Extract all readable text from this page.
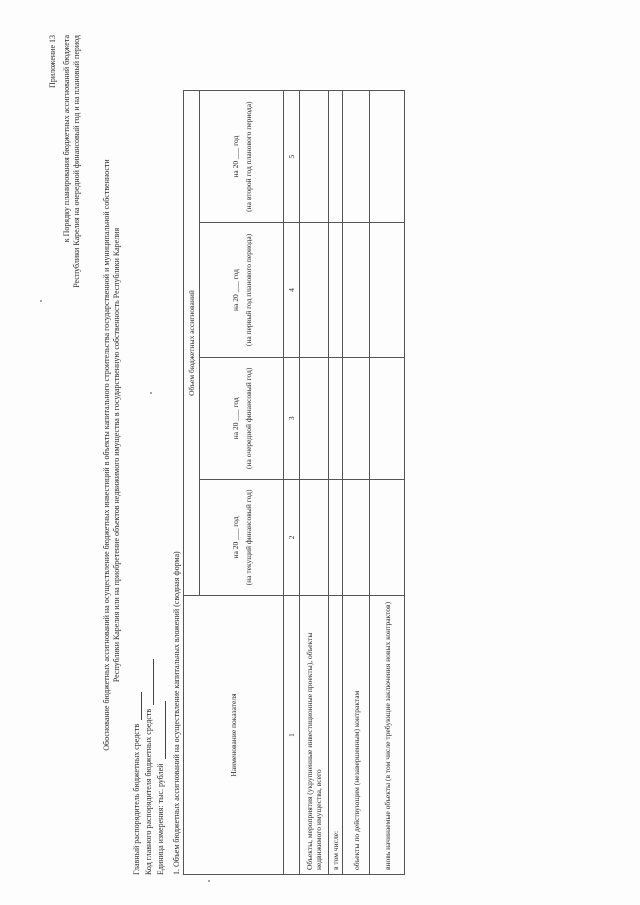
Приложение 13 к Порядку планирования бюджетных ассигнований бюджета Республики Карелия на очередной финансовый год и на плановый период	Обоснование бюджетных ассигнований на осуществление бюджетных инвестиций в объекты капитального строительства государственной и муниципальной собственности Республики Карелия или на приобретение объектов недвижимого имущества в государственную собственность Республики Карелия
Главный распорядитель бюджетных средств Код главного распорядителя бюджетных средств Единица измерения: тыс. рублей 1. Объем бюджетных ассигнований на осуществление капитальных вложений (сводная форма)	Наименование показателя	Объем бюджетных ассигнований			

	на 20 ___ год (на текущий финансовый год)	на 20 ___ год (на очередной финансовый год)	на 20 ___ год (на первый год планового периода)	на 20 ___ год (на второй год планового периода)

1	2	3	4	5
Объекты, мероприятия (укрупненные инвестиционные проекты), объекты недвижимого имущества, всего				
в том числе:				
объекты по действующим (незавершенным) контрактам				
вновь начинаемые объекты (в том числе требующие заключения новых контрактов)				
